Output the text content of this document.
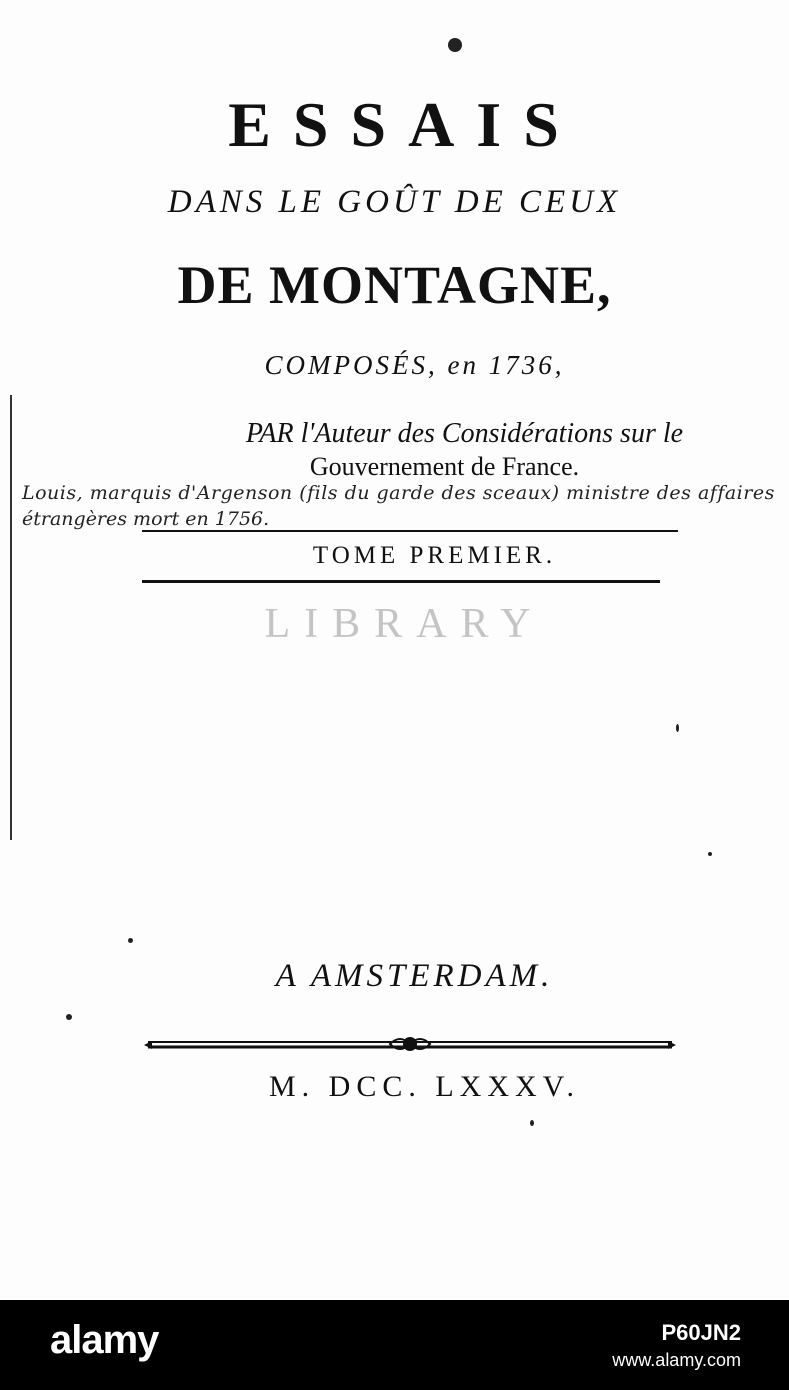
ESSAIS
DANS LE GOÛT DE CEUX
DE MONTAGNE,
COMPOSÉS, en 1736,
PAR l'Auteur des Considérations sur le
Gouvernement de France.
Louis, marquis d'Argenson (fils du garde des sceaux) ministre des affaires
étrangères mort en 1756.
TOME PREMIER.
LIBRARY
A AMSTERDAM.
M. DCC. LXXXV.
alamy	P60JN2
www.alamy.com
